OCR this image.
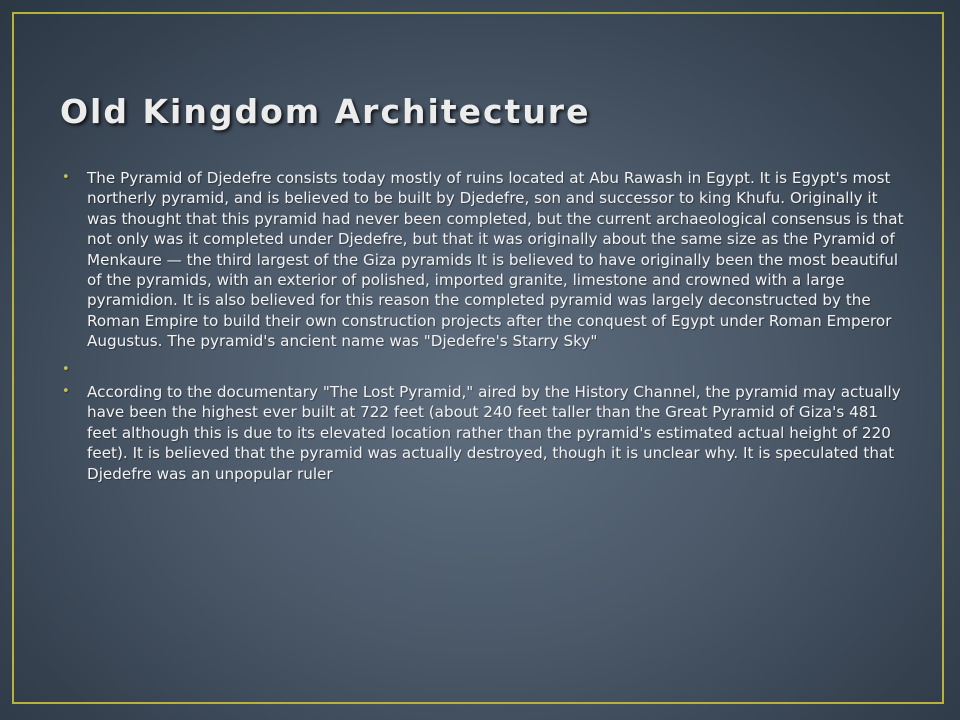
Old Kingdom Architecture
• The Pyramid of Djedefre consists today mostly of ruins located at Abu Rawash in Egypt. It is Egypt's most northerly pyramid, and is believed to be built by Djedefre, son and successor to king Khufu. Originally it was thought that this pyramid had never been completed, but the current archaeological consensus is that not only was it completed under Djedefre, but that it was originally about the same size as the Pyramid of Menkaure — the third largest of the Giza pyramids It is believed to have originally been the most beautiful of the pyramids, with an exterior of polished, imported granite, limestone and crowned with a large pyramidion. It is also believed for this reason the completed pyramid was largely deconstructed by the Roman Empire to build their own construction projects after the conquest of Egypt under Roman Emperor Augustus. The pyramid's ancient name was "Djedefre's Starry Sky"
•
• According to the documentary "The Lost Pyramid," aired by the History Channel, the pyramid may actually have been the highest ever built at 722 feet (about 240 feet taller than the Great Pyramid of Giza's 481 feet although this is due to its elevated location rather than the pyramid's estimated actual height of 220 feet). It is believed that the pyramid was actually destroyed, though it is unclear why. It is speculated that Djedefre was an unpopular ruler
